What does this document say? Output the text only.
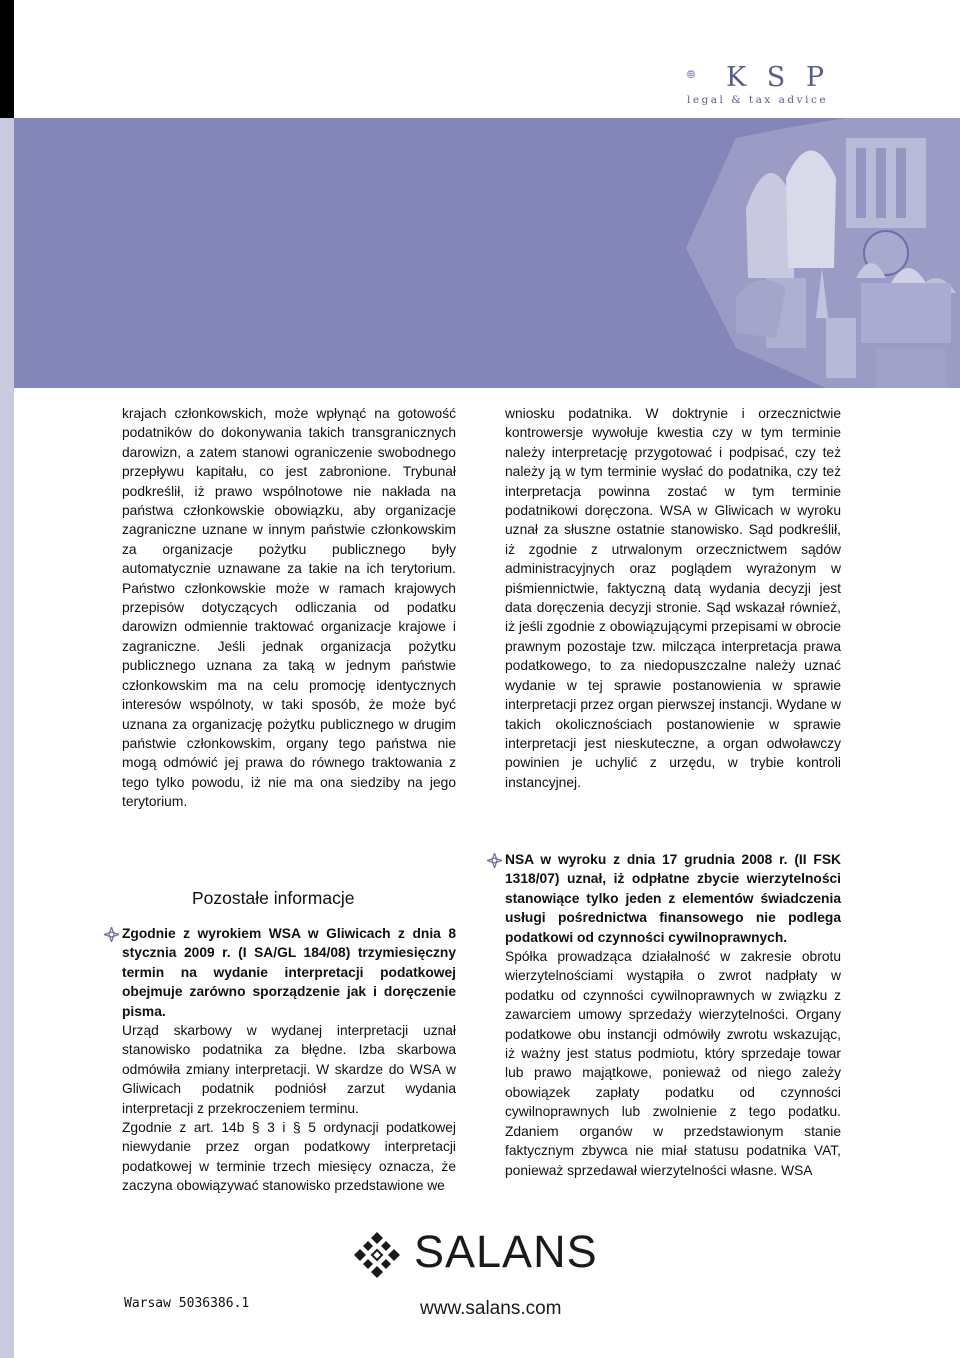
K S P
legal & tax advice

krajach członkowskich, może wpłynąć na gotowość podatników do dokonywania takich transgranicznych darowizn, a zatem stanowi ograniczenie swobodnego przepływu kapitału, co jest zabronione. Trybunał podkreślił, iż prawo wspólnotowe nie nakłada na państwa członkowskie obowiązku, aby organizacje zagraniczne uznane w innym państwie członkowskim za organizacje pożytku publicznego były automatycznie uznawane za takie na ich terytorium. Państwo członkowskie może w ramach krajowych przepisów dotyczących odliczania od podatku darowizn odmiennie traktować organizacje krajowe i zagraniczne. Jeśli jednak organizacja pożytku publicznego uznana za taką w jednym państwie członkowskim ma na celu promocję identycznych interesów wspólnoty, w taki sposób, że może być uznana za organizację pożytku publicznego w drugim państwie członkowskim, organy tego państwa nie mogą odmówić jej prawa do równego traktowania z tego tylko powodu, iż nie ma ona siedziby na jego terytorium.

Pozostałe informacje
Zgodnie z wyrokiem WSA w Gliwicach z dnia 8 stycznia 2009 r. (I SA/GL 184/08) trzymiesięczny termin na wydanie interpretacji podatkowej obejmuje zarówno sporządzenie jak i doręczenie pisma.
Urząd skarbowy w wydanej interpretacji uznał stanowisko podatnika za błędne. Izba skarbowa odmówiła zmiany interpretacji. W skardze do WSA w Gliwicach podatnik podniósł zarzut wydania interpretacji z przekroczeniem terminu.
Zgodnie z art. 14b § 3 i § 5 ordynacji podatkowej niewydanie przez organ podatkowy interpretacji podatkowej w terminie trzech miesięcy oznacza, że zaczyna obowiązywać stanowisko przedstawione we

wniosku podatnika. W doktrynie i orzecznictwie kontrowersje wywołuje kwestia czy w tym terminie należy interpretację przygotować i podpisać, czy też należy ją w tym terminie wysłać do podatnika, czy też interpretacja powinna zostać w tym terminie podatnikowi doręczona. WSA w Gliwicach w wyroku uznał za słuszne ostatnie stanowisko. Sąd podkreślił, iż zgodnie z utrwalonym orzecznictwem sądów administracyjnych oraz poglądem wyrażonym w piśmiennictwie, faktyczną datą wydania decyzji jest data doręczenia decyzji stronie. Sąd wskazał również, iż jeśli zgodnie z obowiązującymi przepisami w obrocie prawnym pozostaje tzw. milcząca interpretacja prawa podatkowego, to za niedopuszczalne należy uznać wydanie w tej sprawie postanowienia w sprawie interpretacji przez organ pierwszej instancji. Wydane w takich okolicznościach postanowienie w sprawie interpretacji jest nieskuteczne, a organ odwoławczy powinien je uchylić z urzędu, w trybie kontroli instancyjnej.

NSA w wyroku z dnia 17 grudnia 2008 r. (II FSK 1318/07) uznał, iż odpłatne zbycie wierzytelności stanowiące tylko jeden z elementów świadczenia usługi pośrednictwa finansowego nie podlega podatkowi od czynności cywilnoprawnych.
Spółka prowadząca działalność w zakresie obrotu wierzytelnościami wystąpiła o zwrot nadpłaty w podatku od czynności cywilnoprawnych w związku z zawarciem umowy sprzedaży wierzytelności. Organy podatkowe obu instancji odmówiły zwrotu wskazując, iż ważny jest status podmiotu, który sprzedaje towar lub prawo majątkowe, ponieważ od niego zależy obowiązek zapłaty podatku od czynności cywilnoprawnych lub zwolnienie z tego podatku. Zdaniem organów w przedstawionym stanie faktycznym zbywca nie miał statusu podatnika VAT, ponieważ sprzedawał wierzytelności własne. WSA
SALANS
www.salans.com
Warsaw 5036386.1
